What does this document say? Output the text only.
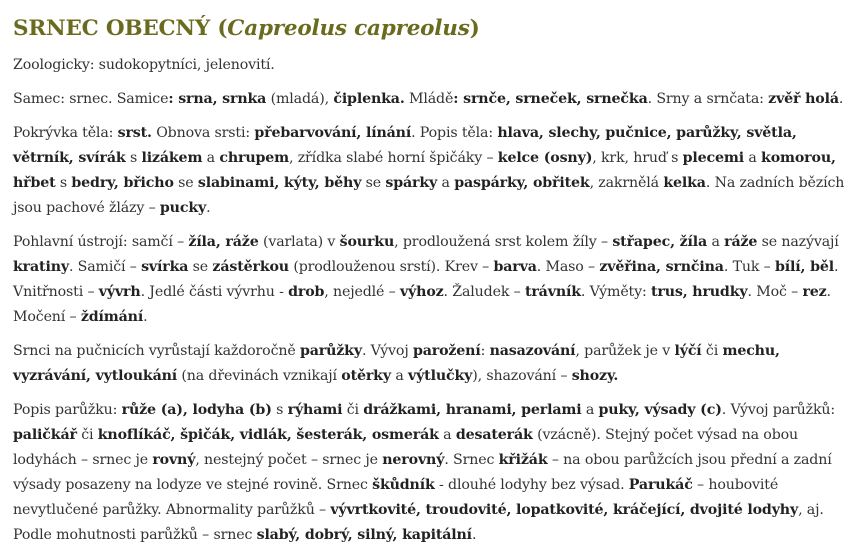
SRNEC OBECNÝ (Capreolus capreolus)

Zoologicky: sudokopytníci, jelenovití.

Samec: srnec. Samice: srna, srnka (mladá), čiplenka. Mládě: srnče, srneček, srnečka. Srny a srnčata: zvěř holá.

Pokrývka těla: srst. Obnova srsti: přebarvování, línání. Popis těla: hlava, slechy, pučnice, parůžky, světla, větrník, svírák s lizákem a chrupem, zřídka slabé horní špičáky – kelce (osny), krk, hruď s plecemi a komorou, hřbet s bedry, břicho se slabinami, kýty, běhy se spárky a paspárky, obřitek, zakrnělá kelka. Na zadních bězích jsou pachové žlázy – pucky.

Pohlavní ústrojí: samčí – žíla, ráže (varlata) v šourku, prodloužená srst kolem žíly – střapec, žíla a ráže se nazývají kratiny. Samičí – svírka se zástěrkou (prodlouženou srstí). Krev – barva. Maso – zvěřina, srnčina. Tuk – bílí, běl. Vnitřnosti – vývrh. Jedlé části vývrhu - drob, nejedlé – výhoz. Žaludek – trávník. Výměty: trus, hrudky. Moč – rez. Močení – ždímání.

Srnci na pučnicích vyrůstají každoročně parůžky. Vývoj parožení: nasazování, parůžek je v lýčí či mechu, vyzrávání, vytloukání (na dřevinách vznikají otěrky a výtlučky), shazování – shozy.

Popis parůžku: růže (a), lodyha (b) s rýhami či drážkami, hranami, perlami a puky, výsady (c). Vývoj parůžků: paličkář či knoflíkáč, špičák, vidlák, šesterák, osmerák a desaterák (vzácně). Stejný počet výsad na obou lodyhách – srnec je rovný, nestejný počet – srnec je nerovný. Srnec křižák – na obou parůžcích jsou přední a zadní výsady posazeny na lodyze ve stejné rovině. Srnec škůdník - dlouhé lodyhy bez výsad. Parukáč – houbovité nevytlučené parůžky. Abnormality parůžků – vývrtkovité, troudovité, lopatkovité, kráčející, dvojité lodyhy, aj. Podle mohutnosti parůžků – srnec slabý, dobrý, silný, kapitální.
